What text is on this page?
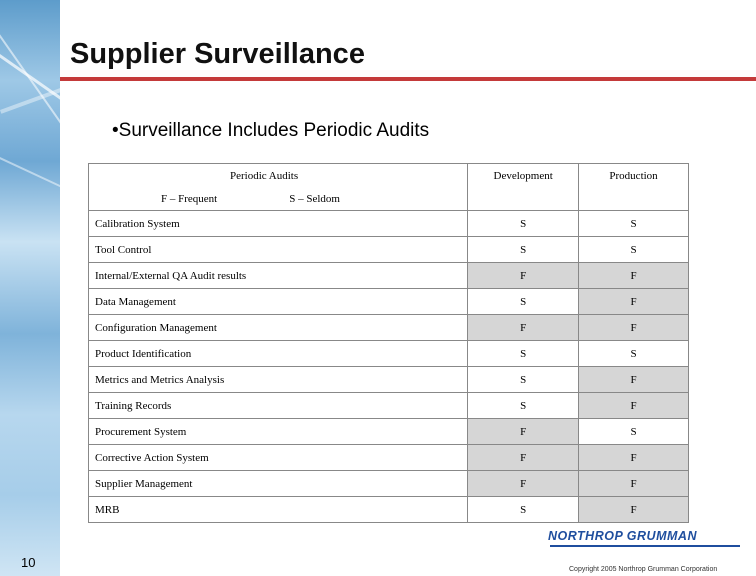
Supplier Surveillance
•Surveillance Includes Periodic Audits
Periodic Audits
F – Frequent S – Seldom	Development	Production
Calibration System	S	S
Tool Control	S	S
Internal/External QA Audit results	F	F
Data Management	S	F
Configuration Management	F	F
Product Identification	S	S
Metrics and Metrics Analysis	S	F
Training Records	S	F
Procurement System	F	S
Corrective Action System	F	F
Supplier Management	F	F
MRB	S	F
10
NORTHROP GRUMMAN
Copyright 2005 Northrop Grumman Corporation
